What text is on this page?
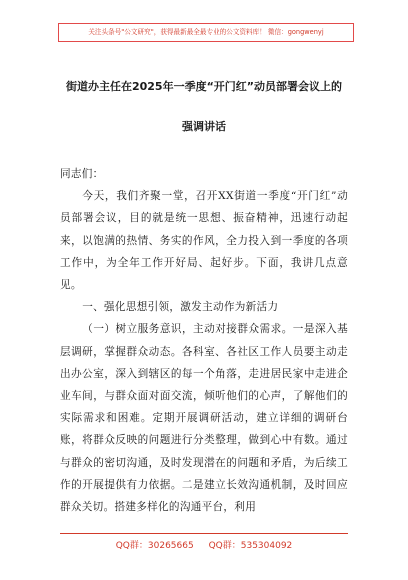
关注头条号"公文研究"，获得最新最全最专业的公文资料库！ 微信：gongwenyj
街道办主任在2025年一季度“开门红”动员部署会议上的
强调讲话

同志们：

今天，我们齐聚一堂，召开XX街道一季度“开门红”动员部署会议，目的就是统一思想、振奋精神，迅速行动起来，以饱满的热情、务实的作风，全力投入到一季度的各项工作中，为全年工作开好局、起好步。下面，我讲几点意见。

一、强化思想引领，激发主动作为新活力

（一）树立服务意识，主动对接群众需求。一是深入基层调研，掌握群众动态。各科室、各社区工作人员要主动走出办公室，深入到辖区的每一个角落，走进居民家中走进企业车间，与群众面对面交流，倾听他们的心声，了解他们的实际需求和困难。定期开展调研活动，建立详细的调研台账，将群众反映的问题进行分类整理，做到心中有数。通过与群众的密切沟通，及时发现潜在的问题和矛盾，为后续工作的开展提供有力依据。二是建立长效沟通机制，及时回应群众关切。搭建多样化的沟通平台，利用

QQ群：30265665 QQ群：535304092
